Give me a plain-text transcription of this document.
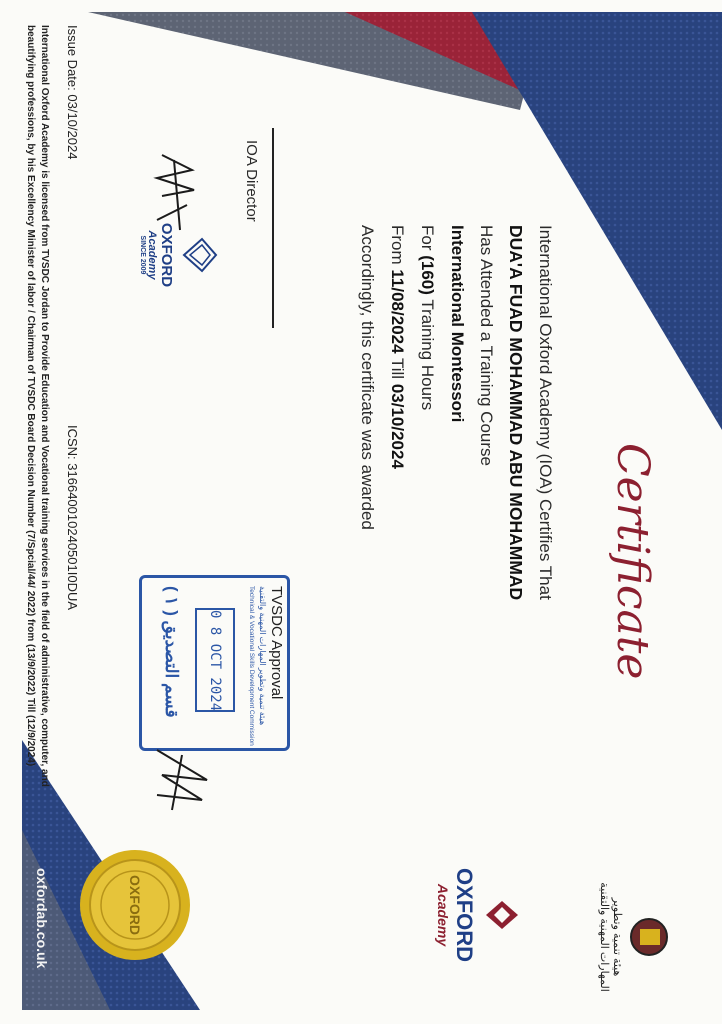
Certificate
International Oxford Academy (IOA) Certifies That
DUA'A FUAD MOHAMMAD ABU MOHAMMAD
Has Attended a Training Course
International Montessori
For (160) Training Hours
From 11/08/2024 Till 03/10/2024
Accordingly, this certificate was awarded
IOA Director
OXFORD
Academy
SINCE 2009
TVSDC Approval
هيئة تنمية وتطوير المهارات المهنية والتقنية
Technical & Vocational Skills Development Commission
0 8 OCT 2024
قسم التصديق ( ١ )
هيئة تنمية وتطوير
المهارات المهنية والتقنية
OXFORD
Academy
Issue Date: 03/10/2024
ICSN: 316640010240501I0DUA
International Oxford Academy is licensed from TVSDC Jordan to Provide Education and Vocational training services in the field of administrative, computer, and
beautifying professions, by his Excellency Minister of labor / Chairman of TVSDC Board Decision Number (7/Spcial/44/ 2022) from (13/9/2022) Till (12/9/2024)
oxfordab.co.uk	OXFORD
